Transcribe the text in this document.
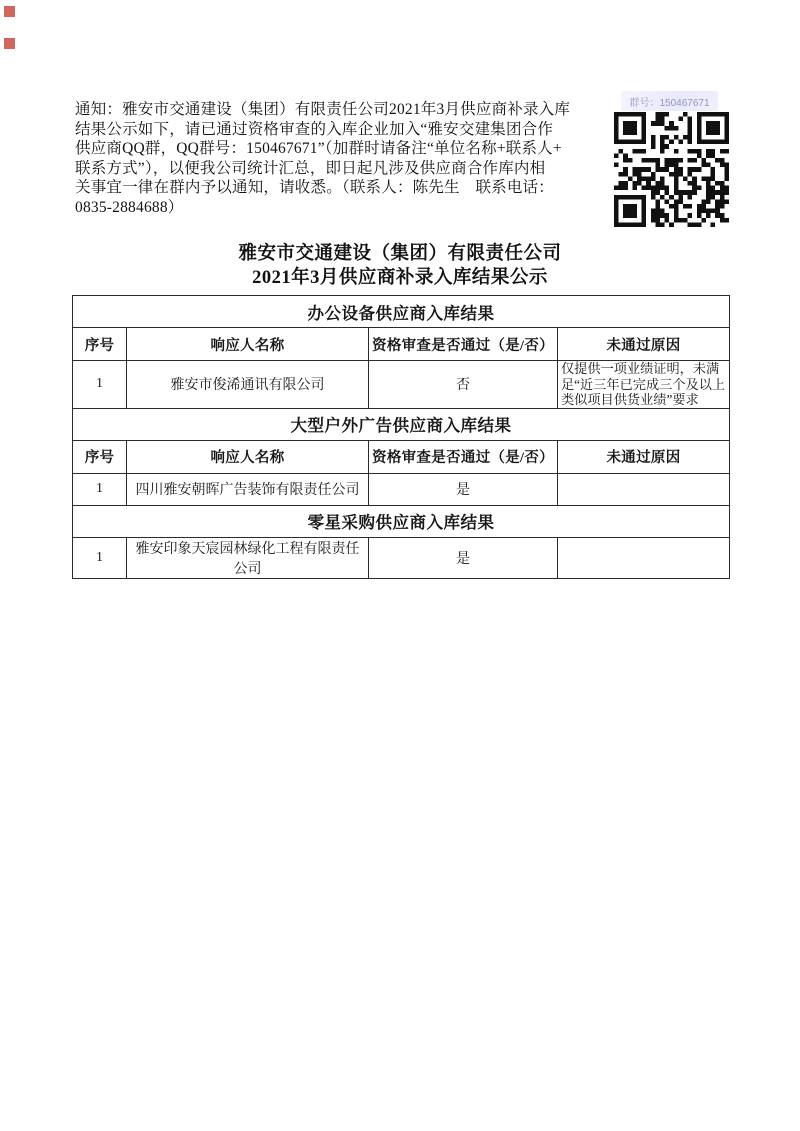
通知：雅安市交通建设（集团）有限责任公司2021年3月供应商补录入库
结果公示如下，请已通过资格审查的入库企业加入“雅安交建集团合作
供应商QQ群，QQ群号：150467671”（加群时请备注“单位名称+联系人+
联系方式”），以便我公司统计汇总，即日起凡涉及供应商合作库内相
关事宜一律在群内予以通知，请收悉。（联系人：陈先生　联系电话：
0835-2884688）
群号：150467671
雅安市交通建设（集团）有限责任公司
2021年3月供应商补录入库结果公示
办公设备供应商入库结果			
序号	响应人名称	资格审查是否通过（是/否）	未通过原因
1	雅安市俊浠通讯有限公司	否	仅提供一项业绩证明，未满足“近三年已完成三个及以上类似项目供货业绩”要求
大型户外广告供应商入库结果			
序号	响应人名称	资格审查是否通过（是/否）	未通过原因
1	四川雅安朝晖广告装饰有限责任公司	是	
零星采购供应商入库结果			
1	雅安印象天宸园林绿化工程有限责任公司	是	
